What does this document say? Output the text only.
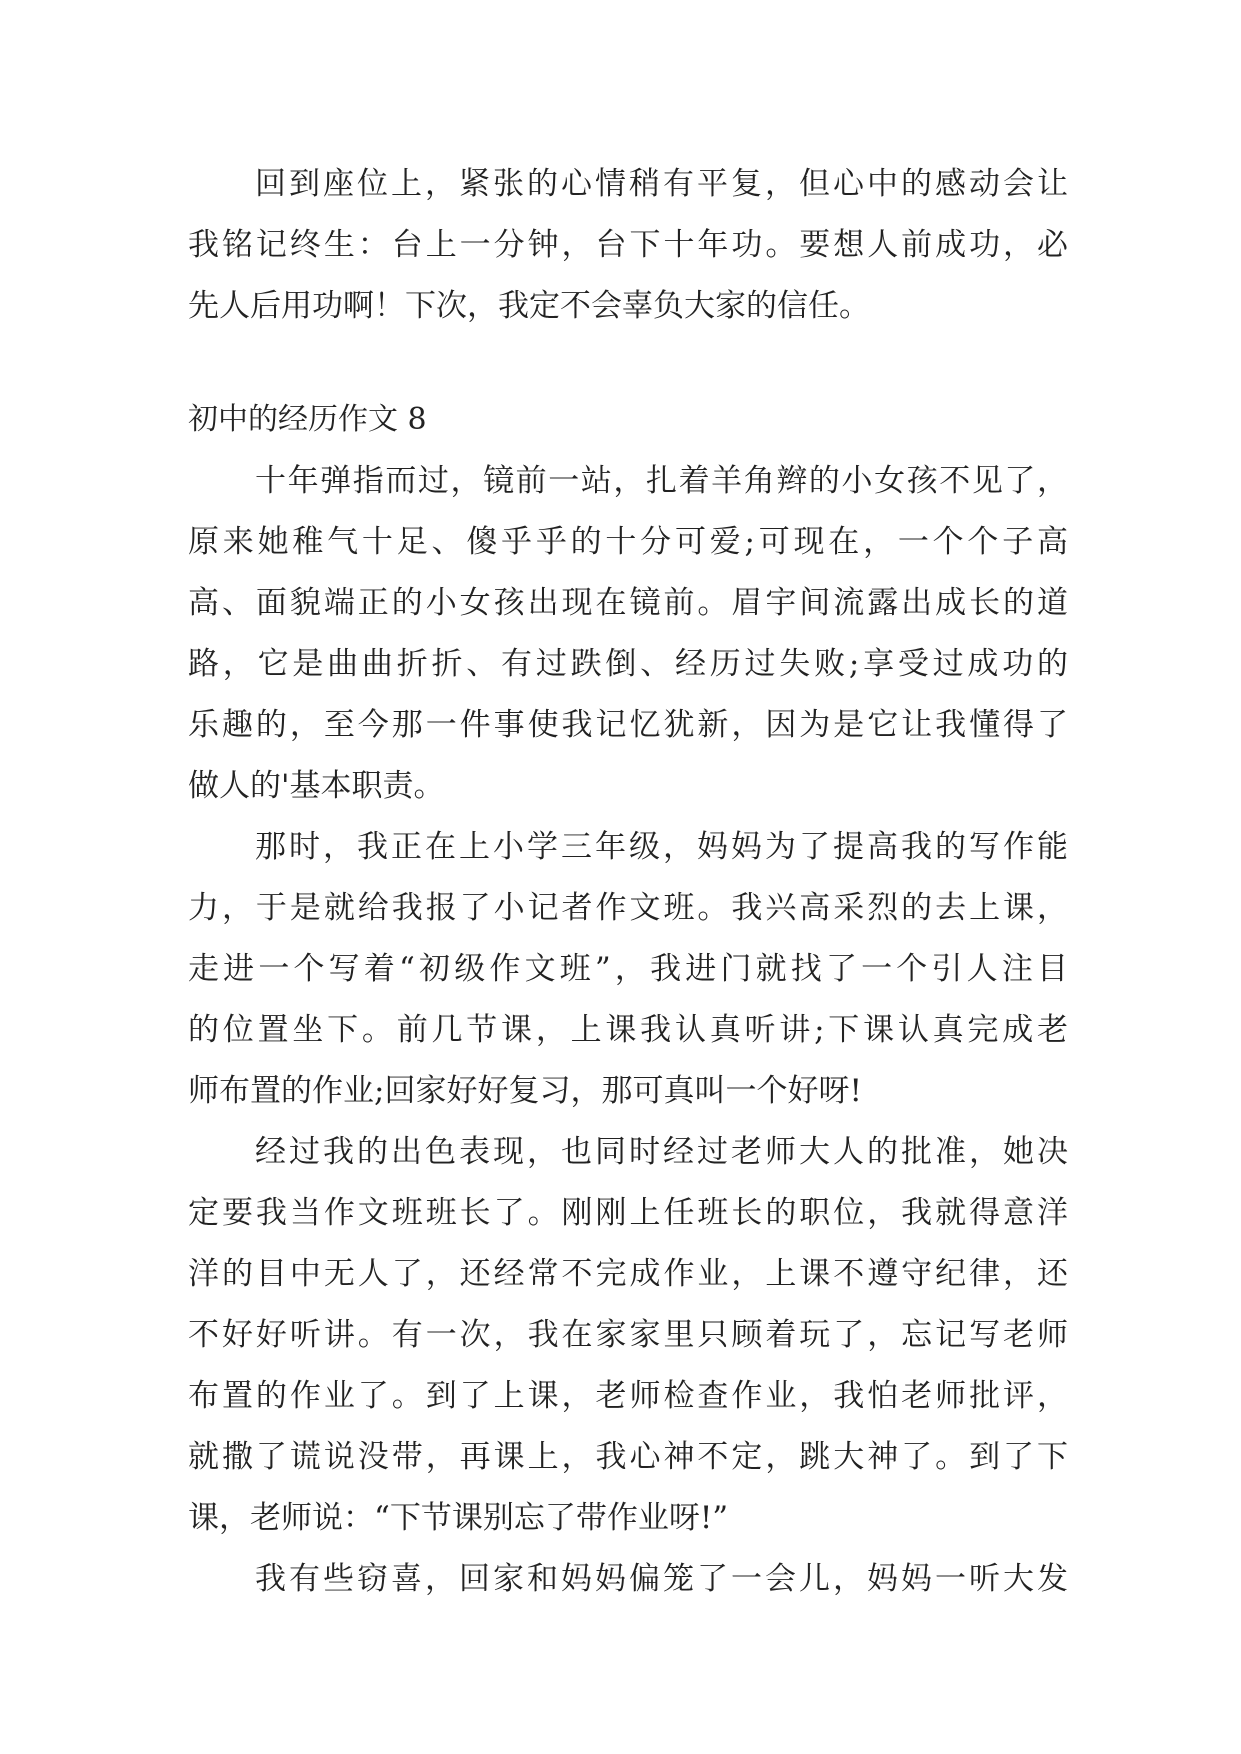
回到座位上，紧张的心情稍有平复，但心中的感动会让
我铭记终生：台上一分钟，台下十年功。要想人前成功，必
先人后用功啊！下次，我定不会辜负大家的信任。
初中的经历作文 8
十年弹指而过，镜前一站，扎着羊角辫的小女孩不见了，
原来她稚气十足、傻乎乎的十分可爱;可现在，一个个子高
高、面貌端正的小女孩出现在镜前。眉宇间流露出成长的道
路，它是曲曲折折、有过跌倒、经历过失败;享受过成功的
乐趣的，至今那一件事使我记忆犹新，因为是它让我懂得了
做人的'基本职责。
那时，我正在上小学三年级，妈妈为了提高我的写作能
力，于是就给我报了小记者作文班。我兴高采烈的去上课，
走进一个写着“初级作文班”，我进门就找了一个引人注目
的位置坐下。前几节课，上课我认真听讲;下课认真完成老
师布置的作业;回家好好复习，那可真叫一个好呀!
经过我的出色表现，也同时经过老师大人的批准，她决
定要我当作文班班长了。刚刚上任班长的职位，我就得意洋
洋的目中无人了，还经常不完成作业，上课不遵守纪律，还
不好好听讲。有一次，我在家家里只顾着玩了，忘记写老师
布置的作业了。到了上课，老师检查作业，我怕老师批评，
就撒了谎说没带，再课上，我心神不定，跳大神了。到了下
课，老师说：“下节课别忘了带作业呀!”
我有些窃喜，回家和妈妈偏笼了一会儿，妈妈一听大发
